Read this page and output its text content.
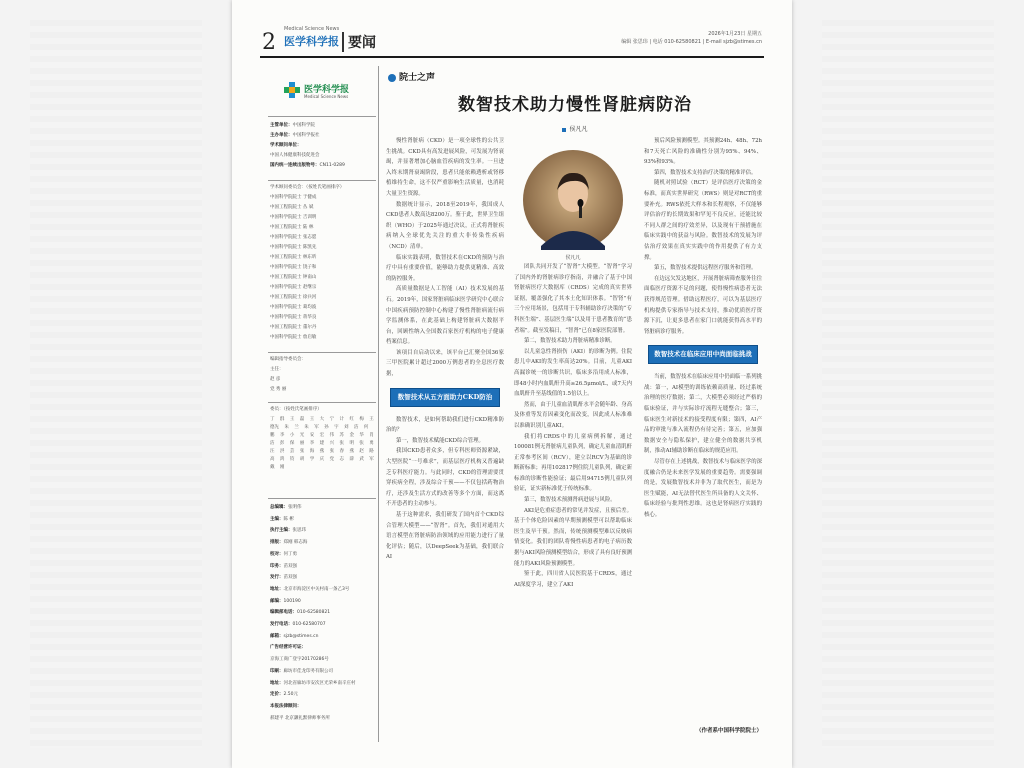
2
Medical Science News
医学科学报 要闻
2026年1月23日 星期五
编辑 张思玮 | 电话 010-62580821 | E-mail sjzb@stimes.cn
医学科学报
Medical Science News
主管单位：中国科学院
主办单位：中国科学报社
学术顾问单位：
中国人体健康科技促进会
国内统一连续出版物号：CN11-0289
学术顾问委员会：（按姓氏笔画排序）
中国科学院院士 于健成
中国工程院院士 丛 斌
中国科学院院士 吉训明
中国工程院院士 陆 林
中国科学院院士 张志愿
中国科学院院士 陈凯先
中国工程院院士 林东昕
中国科学院院士 饶子和
中国工程院院士 钟南山
中国科学院院士 赵继宗
中国工程院院士 徐兵河
中国科学院院士 葛均波
中国科学院院士 蒋华良
中国工程院院士 董尔丹
中国科学院院士 詹启敏
编辑指导委员会：
主任：
赵 彦
党 秀 丽
委员：（按姓氏笔画排序）
丁 群 王 磊 王 大 宁 计 红 梅 王德先 朱 兰 朱 军 孙 宇 刘 洁 何 鹏 李 小 光 安 宏 伟 苏 金 华 肖 洁 彭 保 丽 李 建 兴 张 明 张 勇 汪 洪 芸 张 海 燕 张 春 燕 赵 路 高 鸿 钧 胡 学 庆 党 志 薛 武 军 戴 刚
总编辑：张明伟
主编：陈 彬
执行主编：张思玮
排版：郑刚 韩志海
校对：何丁勇
印务：苗双强
发行：苗双强
地址：北京市海淀区中关村南一条乙3号
邮编：100190
编辑部电话：010-62580821
发行电话：010-62580707
邮箱：sjzb@stimes.cn
广告经营许可证：
京海工商广登字20170286号
印刷：廊坊市佳龙印务有限公司
地址：河北省廊坊市安次区光荣乡南辛庄村
定价：2.50元
本报法律顾问：
郝建平 北京灏礼默律师事务所
院士之声
数智技术助力慢性肾脏病防治
侯凡凡

慢性肾脏病（CKD）是一项全球性的公共卫生挑战。CKD具有高发进展风险，可发展为肾衰竭，并显著增加心脑血管疾病的发生率。一旦进入终末期肾衰竭阶段，患者只能依赖透析或肾移植维持生命，这不仅严重影响生活质量，也消耗大量卫生资源。

数据统计显示，2018至2019年，我国成人CKD患者人数高达8200万。鉴于此，世界卫生组织（WHO）于2025年通过决议，正式将肾脏疾病纳入全球优先关注的重大非传染性疾病（NCD）清单。

临床实践表明，数智技术在CKD的预防与治疗中具有重要价值，能够助力提供更精准、高效的防控服务。

高质量数据是人工智能（AI）技术发展的基石。2019年，国家肾脏病临床医学研究中心联合中国疾病预防控制中心构建了慢性肾脏病流行病学监测体系，在此基础上构建肾脏病大数据平台，回顾性纳入全国数百家医疗机构的电子健康档案信息。

该项目自启动以来，该平台已汇聚全国36家三甲医院累计超过2000万例患者的全息医疗数据，

数智技术从五方面助力CKD防治

数智技术，是如何帮助我们进行CKD精准防治的？

第一，数智技术赋能CKD综合管理。

我国CKD患者众多，但专科医师资源紧缺，大型医院“一号难求”，而基层医疗机构又普遍缺乏专科医疗能力。与此同时，CKD的管理需要贯穿疾病全程，涉及综合干预——不仅包括药物治疗，还涉及生活方式的改善等多个方面，而这离不开患者的主动参与。

基于这种需求，我们研发了国内首个CKD综合管理大模型——“智肾”。首先，我们对通用大语言模型在肾脏病防治领域的应用能力进行了量化评估；随后，以DeepSeek为基础，我们联合AI

侯凡凡

团队共同开发了“智肾”大模型。“智肾”学习了国内外的肾脏病诊疗指南，并融合了基于中国肾脏病医疗大数据库（CRDS）完成的真实世界证据，覆盖强化了其本土化知识体系。“智肾”有三个应用场景，包括用于专科辅助诊疗决策的“专科医生端”、基层医生端“以及用于患者教育的“患者端”。截至发稿日，“智肾”已在8家医院部署。

第二，数智技术助力肾脏病精准诊断。

以儿童急性肾损伤（AKI）的诊断为例。住院患儿中AKI的发生率高达20%。目前，儿童AKI高漏诊统一的诊断共识，临床多沿用成人标准，即48小时内血肌酐升高≥26.5μmol/L，或7天内血肌酐升至基线值的1.5倍以上。

然而，由于儿童血清肌酐水平会随年龄、身高及体重等发育因素变化而改变，因此成人标准难以准确识别儿童AKI。

我们将CRDS中的儿童病例拆解，通过100081例无肾脏病儿童队列，确定儿童血清肌酐正常参考区间（RCV），建立以RCV为基础的诊断新标准；再用102817例住院儿童队列，确定新标准的诊断性能验证；最后用94715例儿童队列验证，证实新标准优于传统标准。

第三，数智技术预测肾病进展与风险。

AKI是危重症患者的常见并发症，且预后差。基于个体危险因素的早期预测模型可以帮助临床医生及早干预。然而，传统预测模型难以反映病情变化。我们的团队将慢性病患者的电子病历数据与AKI风险预测模型结合，形成了具有良好预测能力的AKI风险预测模型。

鉴于此，四川省人民医院基于CRDS，通过AI深度学习，建立了AKI

预后风险预测模型。其预测24h、48h、72h和7天死亡风险的准确性分别为95%、94%、93%和93%。

第四，数智技术支持治疗决策的精准评估。

随机对照试验（RCT）是评估医疗决策的金标准，而真实世界研究（RWS）则是对RCT的重要补充。RWS依托大样本和长程观察，不仅能够评估治疗的长期效果和罕见不良反应，还能比较不同人群之间的疗效差异，以及现有干预措施在临床实践中的获益与风险。数智技术的发展为评估治疗效果在真实实践中的作用提供了有力支撑。

第五，数智技术提供远程医疗服务和管理。

在边远欠发达地区，开展肾脏病筛查服务往往面临医疗资源不足的问题，使得慢性病患者无法获得规范管理。借助远程医疗，可以为基层医疗机构提供专家指导与技术支持，推动优质医疗资源下沉，让更多患者在家门口就能获得高水平的肾脏病诊疗服务。

数智技术在临床应用中尚面临挑战

当前，数智技术在临床应用中仍面临一系列挑战：第一，AI模型的训练依赖高质量、经过系统治理的医疗数据；第二，大模型必须经过严格的临床验证，并与实际诊疗流程无缝整合；第三，临床医生对新技术的接受程度有限；第四，AI产品的审批与准入流程仍有待完善；第五，应加强数据安全与隐私保护，建立健全的数据共享机制，推动AI辅助诊断在临床的规范应用。

尽管存在上述挑战，数智技术与临床医学的深度融合仍是未来医学发展的重要趋势。需要强调的是，发展数智技术并非为了取代医生，而是为医生赋能，AI无法替代医生所具备的人文关怀、临床经验与批判性思维。这也是肾病医疗实践的核心。

（作者系中国科学院院士）
